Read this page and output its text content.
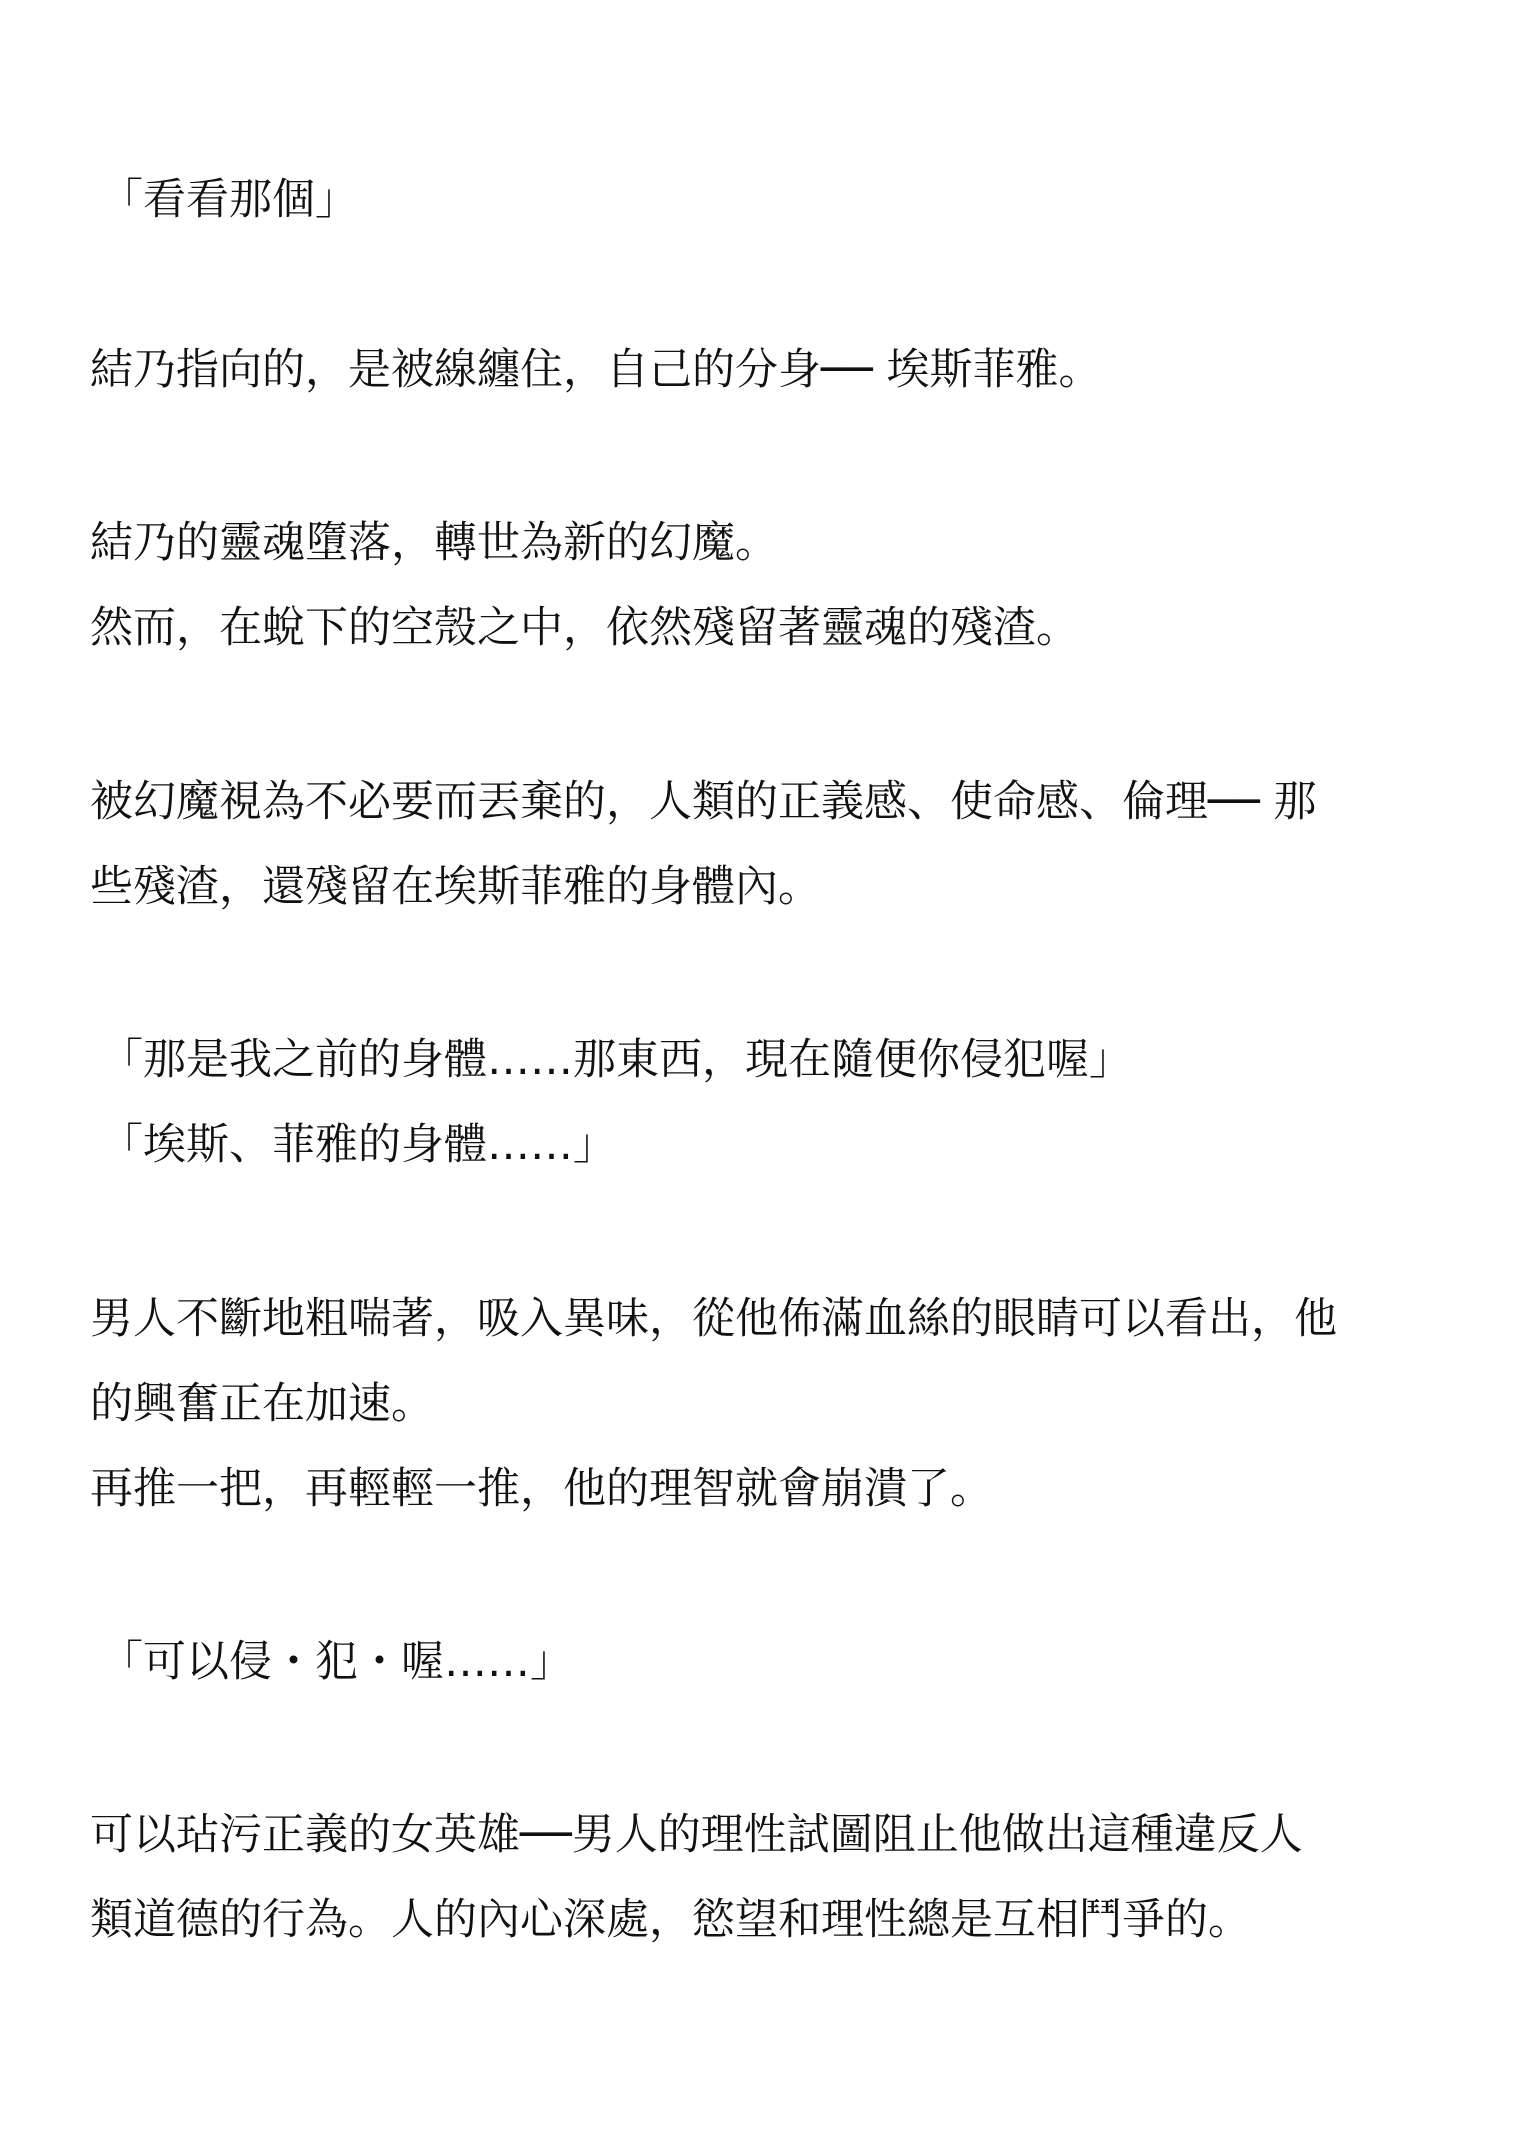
「看看那個」
結乃指向的，是被線纏住，自己的分身── 埃斯菲雅。
結乃的靈魂墮落，轉世為新的幻魔。
然而，在蛻下的空殼之中，依然殘留著靈魂的殘渣。
被幻魔視為不必要而丟棄的，人類的正義感、使命感、倫理── 那
些殘渣，還殘留在埃斯菲雅的身體內。
「那是我之前的身體……那東西，現在隨便你侵犯喔」
「埃斯、菲雅的身體……」
男人不斷地粗喘著，吸入異味，從他佈滿血絲的眼睛可以看出，他
的興奮正在加速。
再推一把，再輕輕一推，他的理智就會崩潰了。
「可以侵・犯・喔……」
可以玷污正義的女英雄──男人的理性試圖阻止他做出這種違反人
類道德的行為。人的內心深處，慾望和理性總是互相鬥爭的。
